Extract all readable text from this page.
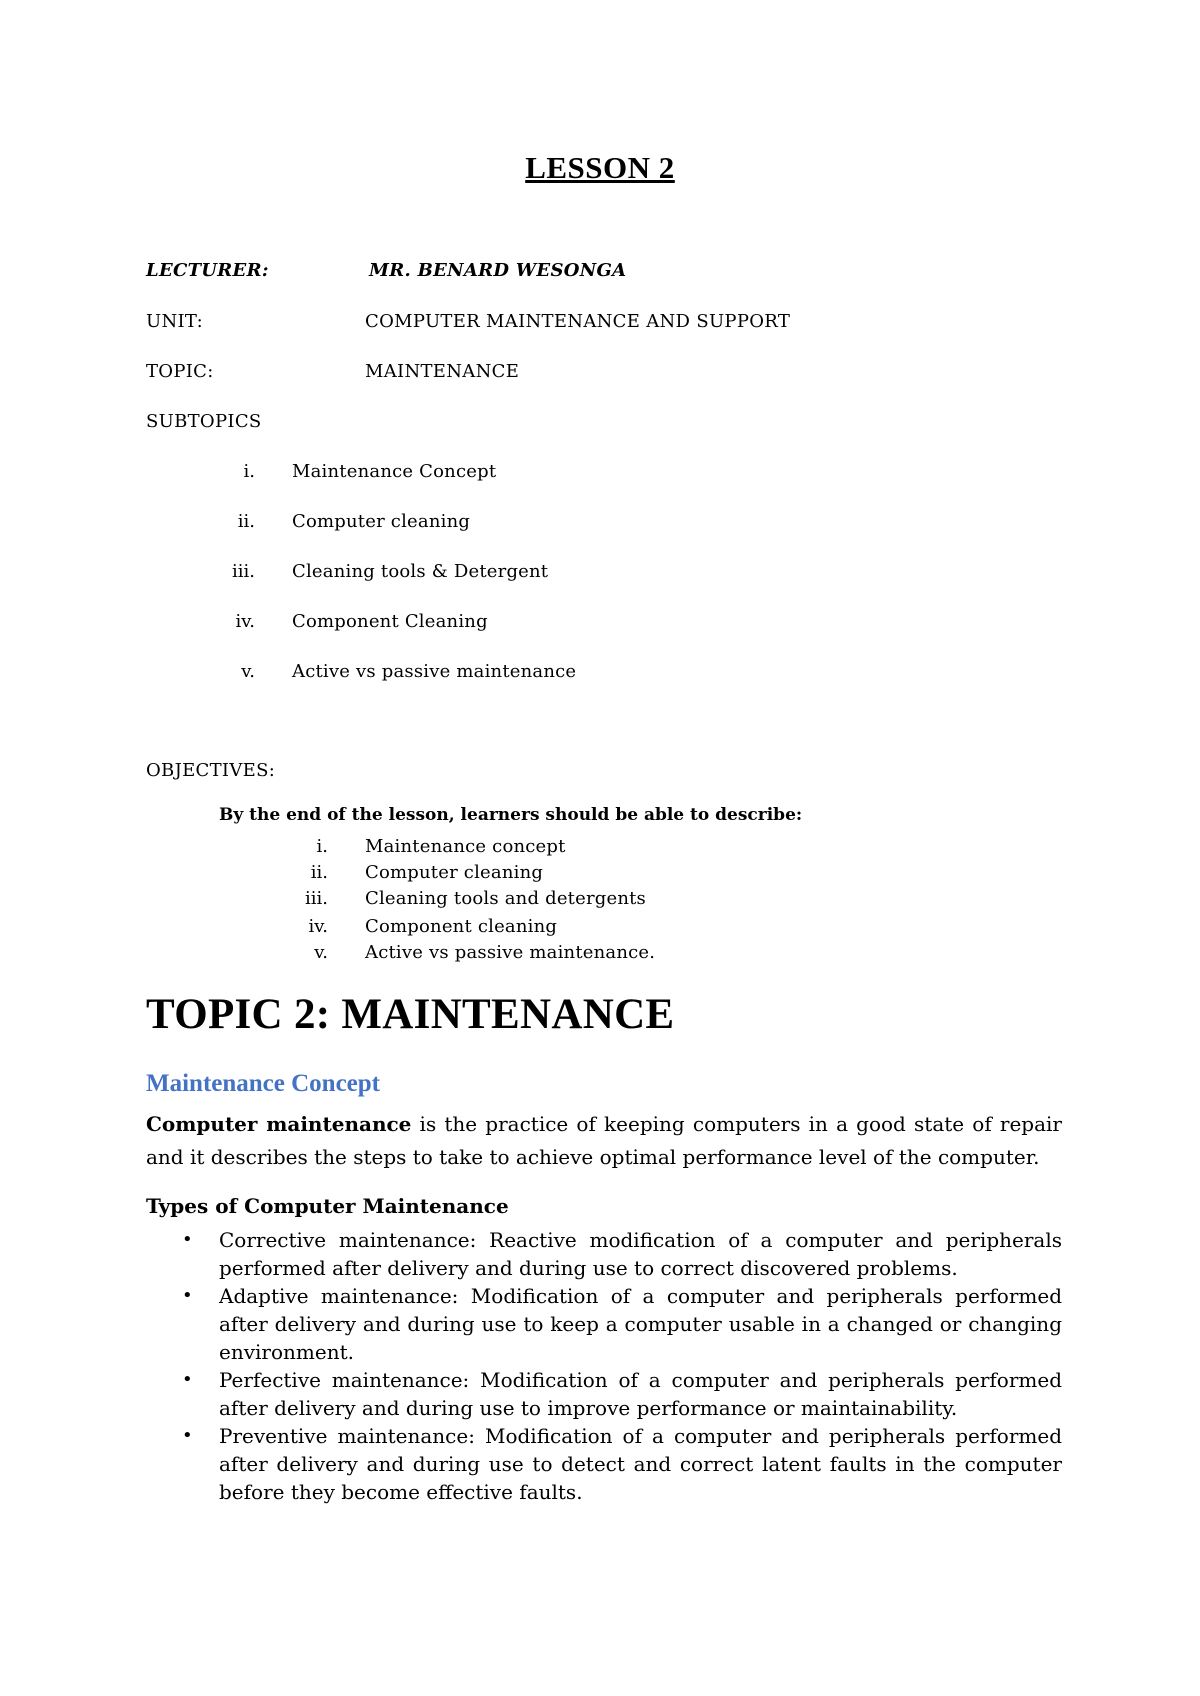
LESSON 2
LECTURER:	MR. BENARD WESONGA
UNIT:	COMPUTER MAINTENANCE AND SUPPORT
TOPIC:	MAINTENANCE
SUBTOPICS
i. Maintenance Concept
ii. Computer cleaning
iii. Cleaning tools & Detergent
iv. Component Cleaning
v. Active vs passive maintenance
OBJECTIVES:
By the end of the lesson, learners should be able to describe:
i. Maintenance concept
ii. Computer cleaning
iii. Cleaning tools and detergents
iv. Component cleaning
v. Active vs passive maintenance.
TOPIC 2: MAINTENANCE
Maintenance Concept
Computer maintenance is the practice of keeping computers in a good state of repair and it describes the steps to take to achieve optimal performance level of the computer.
Types of Computer Maintenance
• Corrective maintenance: Reactive modification of a computer and peripherals performed after delivery and during use to correct discovered problems.
• Adaptive maintenance: Modification of a computer and peripherals performed after delivery and during use to keep a computer usable in a changed or changing environment.
• Perfective maintenance: Modification of a computer and peripherals performed after delivery and during use to improve performance or maintainability.
• Preventive maintenance: Modification of a computer and peripherals performed after delivery and during use to detect and correct latent faults in the computer before they become effective faults.
